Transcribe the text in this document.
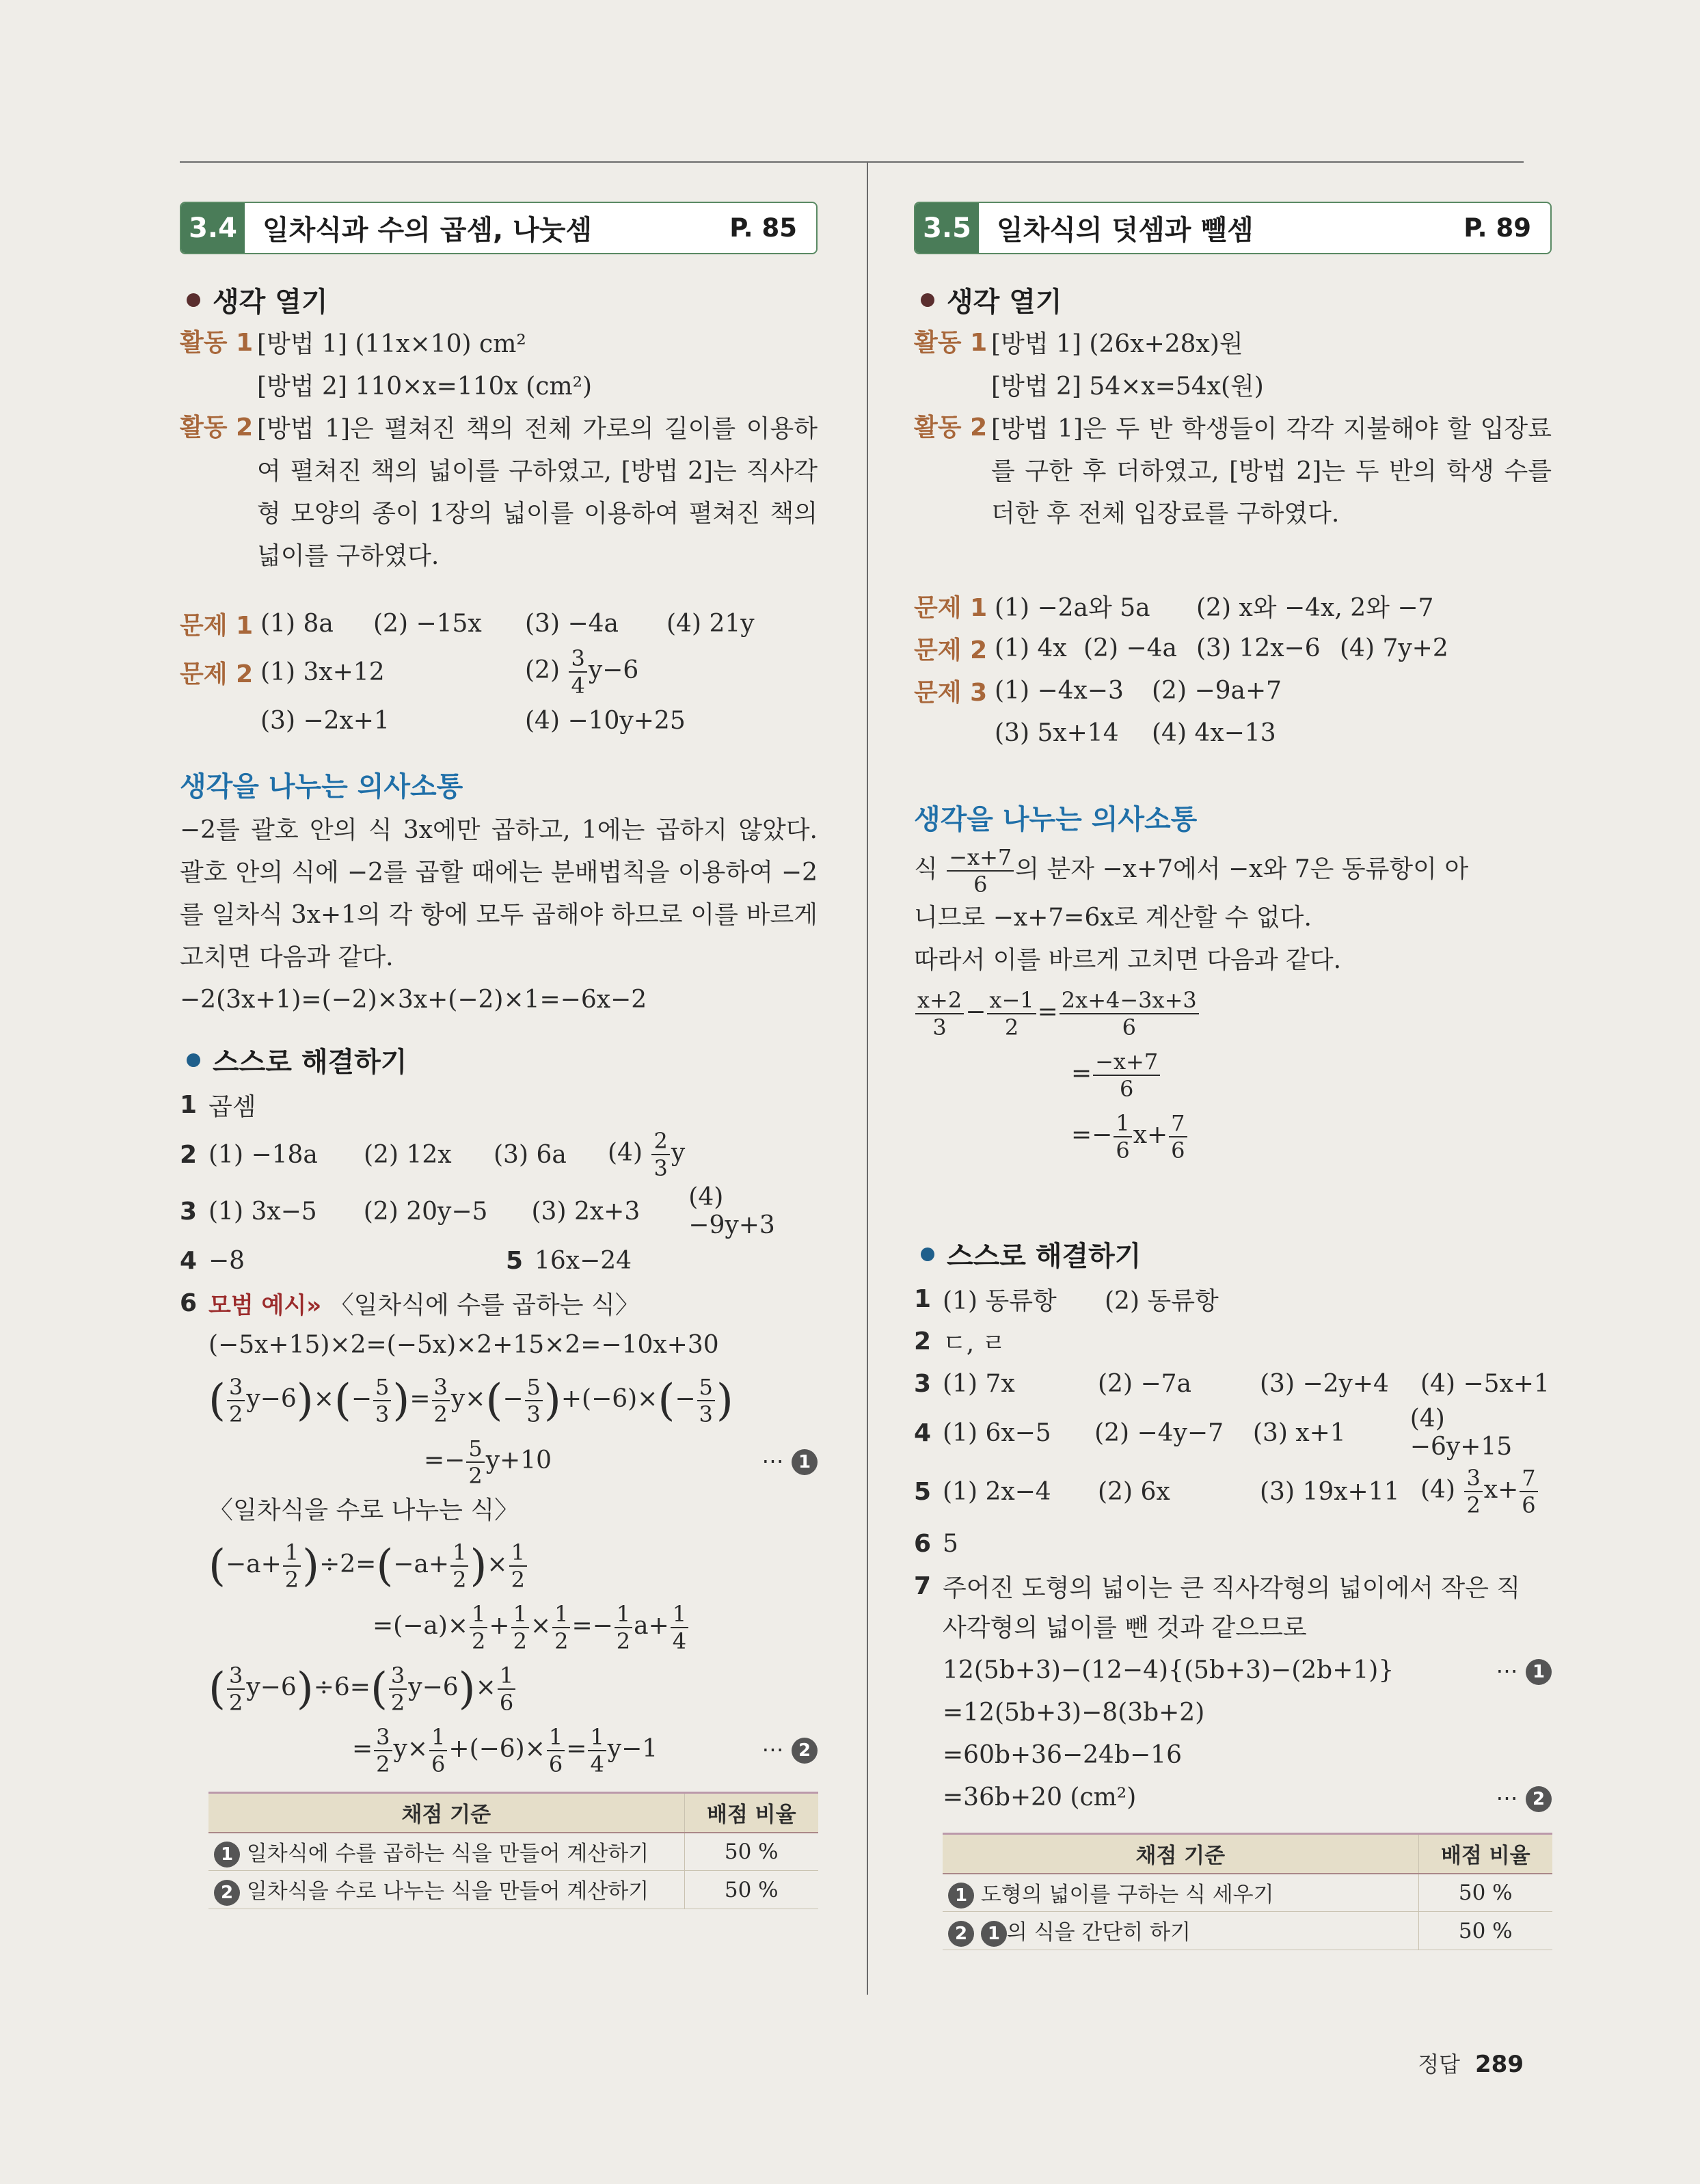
3.4 일차식과 수의 곱셈, 나눗셈	P. 85
생각 열기
활동 1 [방법 1] (11x×10) cm²
[방법 2] 110×x=110x (cm²)
활동 2 [방법 1]은 펼쳐진 책의 전체 가로의 길이를 이용하여 펼쳐진 책의 넓이를 구하였고, [방법 2]는 직사각형 모양의 종이 1장의 넓이를 이용하여 펼쳐진 책의 넓이를 구하였다.
문제 1 (1) 8a	(2) −15x	(3) −4a	(4) 21y
문제 2 (1) 3x+12	$(2) \frac{3}{4} y-6$
(3) −2x+1	(4) −10y+25
생각을 나누는 의사소통
−2를 괄호 안의 식 3x에만 곱하고, 1에는 곱하지 않았다. 괄호 안의 식에 −2를 곱할 때에는 분배법칙을 이용하여 −2를 일차식 3x+1의 각 항에 모두 곱해야 하므로 이를 바르게 고치면 다음과 같다.
−2(3x+1)=(−2)×3x+(−2)×1=−6x−2
스스로 해결하기
1 곱셈
2 (1) −18a	(2) 12x	(3) 6a	$(4) \frac{2}{3}$ y
3 (1) 3x−5	(2) 20y−5	(3) 2x+3	(4) −9y+3
4 −8	5 16x−24
6 모범 예시»
〈일차식에 수를 곱하는 식〉
(−5x+15)×2=(−5x)×2+15×2=−10x+30
( $\frac{3}{2} y-6)\times(- \frac{5}{3}$ )= $\frac{3}{2} y\times(- \frac{5}{3} )+(-6)\times(- \frac{5}{3}$ )
=− $\frac{5}{2} y+10$	⋯ 1
〈일차식을 수로 나누는 식〉
$(-a+ \frac{1}{2} )\div 2=(-a+ \frac{1}{2}$ )× $\frac{1}{2}$
$=(-a)\times \frac{1}{2} + \frac{1}{2} \times \frac{1}{2} =- \frac{1}{2} a+ \frac{1}{4}$
( $\frac{3}{2} y-6)\div 6=( \frac{3}{2} y-6)\times \frac{1}{6}$
= $\frac{3}{2} y\times \frac{1}{6} +(-6)\times \frac{1}{6} = \frac{1}{4} y-1$	⋯ 2
채점 기준	배점 비율
1 일차식에 수를 곱하는 식을 만들어 계산하기	50 %
2 일차식을 수로 나누는 식을 만들어 계산하기	50 %
3.5 일차식의 덧셈과 뺄셈	P. 89
생각 열기
활동 1 [방법 1] (26x+28x)원
[방법 2] 54×x=54x(원)
활동 2 [방법 1]은 두 반 학생들이 각각 지불해야 할 입장료를 구한 후 더하였고, [방법 2]는 두 반의 학생 수를 더한 후 전체 입장료를 구하였다.
문제 1 (1) −2a와 5a	(2) x와 −4x, 2와 −7
문제 2 (1) 4x (2) −4a (3) 12x−6 (4) 7y+2
문제 3 (1) −4x−3	(2) −9a+7
(3) 5x+14	(4) 4x−13
생각을 나누는 의사소통
식 $\frac{-x+7}{6}$ 의 분자 −x+7에서 −x와 7은 동류항이 아
니므로 −x+7=6x로 계산할 수 없다.
따라서 이를 바르게 고치면 다음과 같다.
$\frac{x+2}{3} - \frac{x-1}{2} = \frac{2x+4-3x+3}{6}$
= $\frac{-x+7}{6}$
=− $\frac{1}{6} x+ \frac{7}{6}$
스스로 해결하기
1 (1) 동류항	(2) 동류항
2 ㄷ, ㄹ
3 (1) 7x	(2) −7a	(3) −2y+4	(4) −5x+1
4 (1) 6x−5	(2) −4y−7	(3) x+1	(4) −6y+15
5 (1) 2x−4	(2) 6x	(3) 19x+11 $(4) \frac{3}{2} x+ \frac{7}{6}$
6 5
7 주어진 도형의 넓이는 큰 직사각형의 넓이에서 작은 직
사각형의 넓이를 뺀 것과 같으므로
12(5b+3)−(12−4){(5b+3)−(2b+1)}	⋯ 1
=12(5b+3)−8(3b+2)
=60b+36−24b−16
=36b+20 (cm²)	⋯ 2
채점 기준	배점 비율
1 도형의 넓이를 구하는 식 세우기	50 %
2 1 의 식을 간단히 하기	50 %
정답 289
